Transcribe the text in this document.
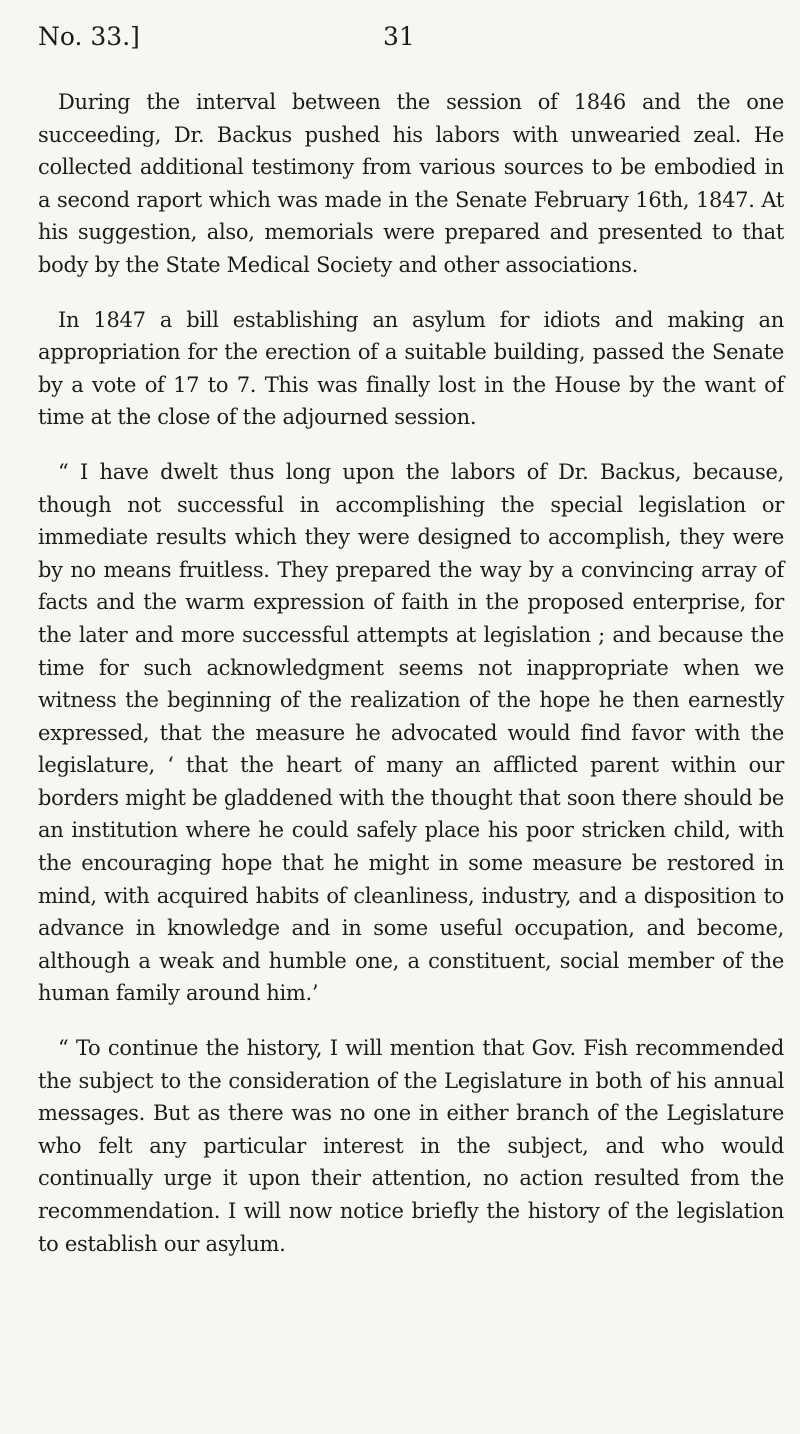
No. 33.]	31

During the interval between the session of 1846 and the one succeeding, Dr. Backus pushed his labors with unwearied zeal. He collected additional testimony from various sources to be embodied in a second raport which was made in the Senate February 16th, 1847. At his suggestion, also, memorials were prepared and presented to that body by the State Medical Society and other associations.

In 1847 a bill establishing an asylum for idiots and making an appropriation for the erection of a suitable building, passed the Senate by a vote of 17 to 7. This was finally lost in the House by the want of time at the close of the adjourned session.

“ I have dwelt thus long upon the labors of Dr. Backus, because, though not successful in accomplishing the special legislation or immediate results which they were designed to accomplish, they were by no means fruitless. They prepared the way by a convincing array of facts and the warm expression of faith in the proposed enterprise, for the later and more successful attempts at legislation ; and because the time for such acknowledgment seems not inappropriate when we witness the beginning of the realization of the hope he then earnestly expressed, that the measure he advocated would find favor with the legislature, ‘ that the heart of many an afflicted parent within our borders might be gladdened with the thought that soon there should be an institution where he could safely place his poor stricken child, with the encouraging hope that he might in some measure be restored in mind, with acquired habits of cleanliness, industry, and a disposition to advance in knowledge and in some useful occupation, and become, although a weak and humble one, a constituent, social member of the human family around him.’

“ To continue the history, I will mention that Gov. Fish recommended the subject to the consideration of the Legislature in both of his annual messages. But as there was no one in either branch of the Legislature who felt any particular interest in the subject, and who would continually urge it upon their attention, no action resulted from the recommendation. I will now notice briefly the history of the legislation to establish our asylum.
